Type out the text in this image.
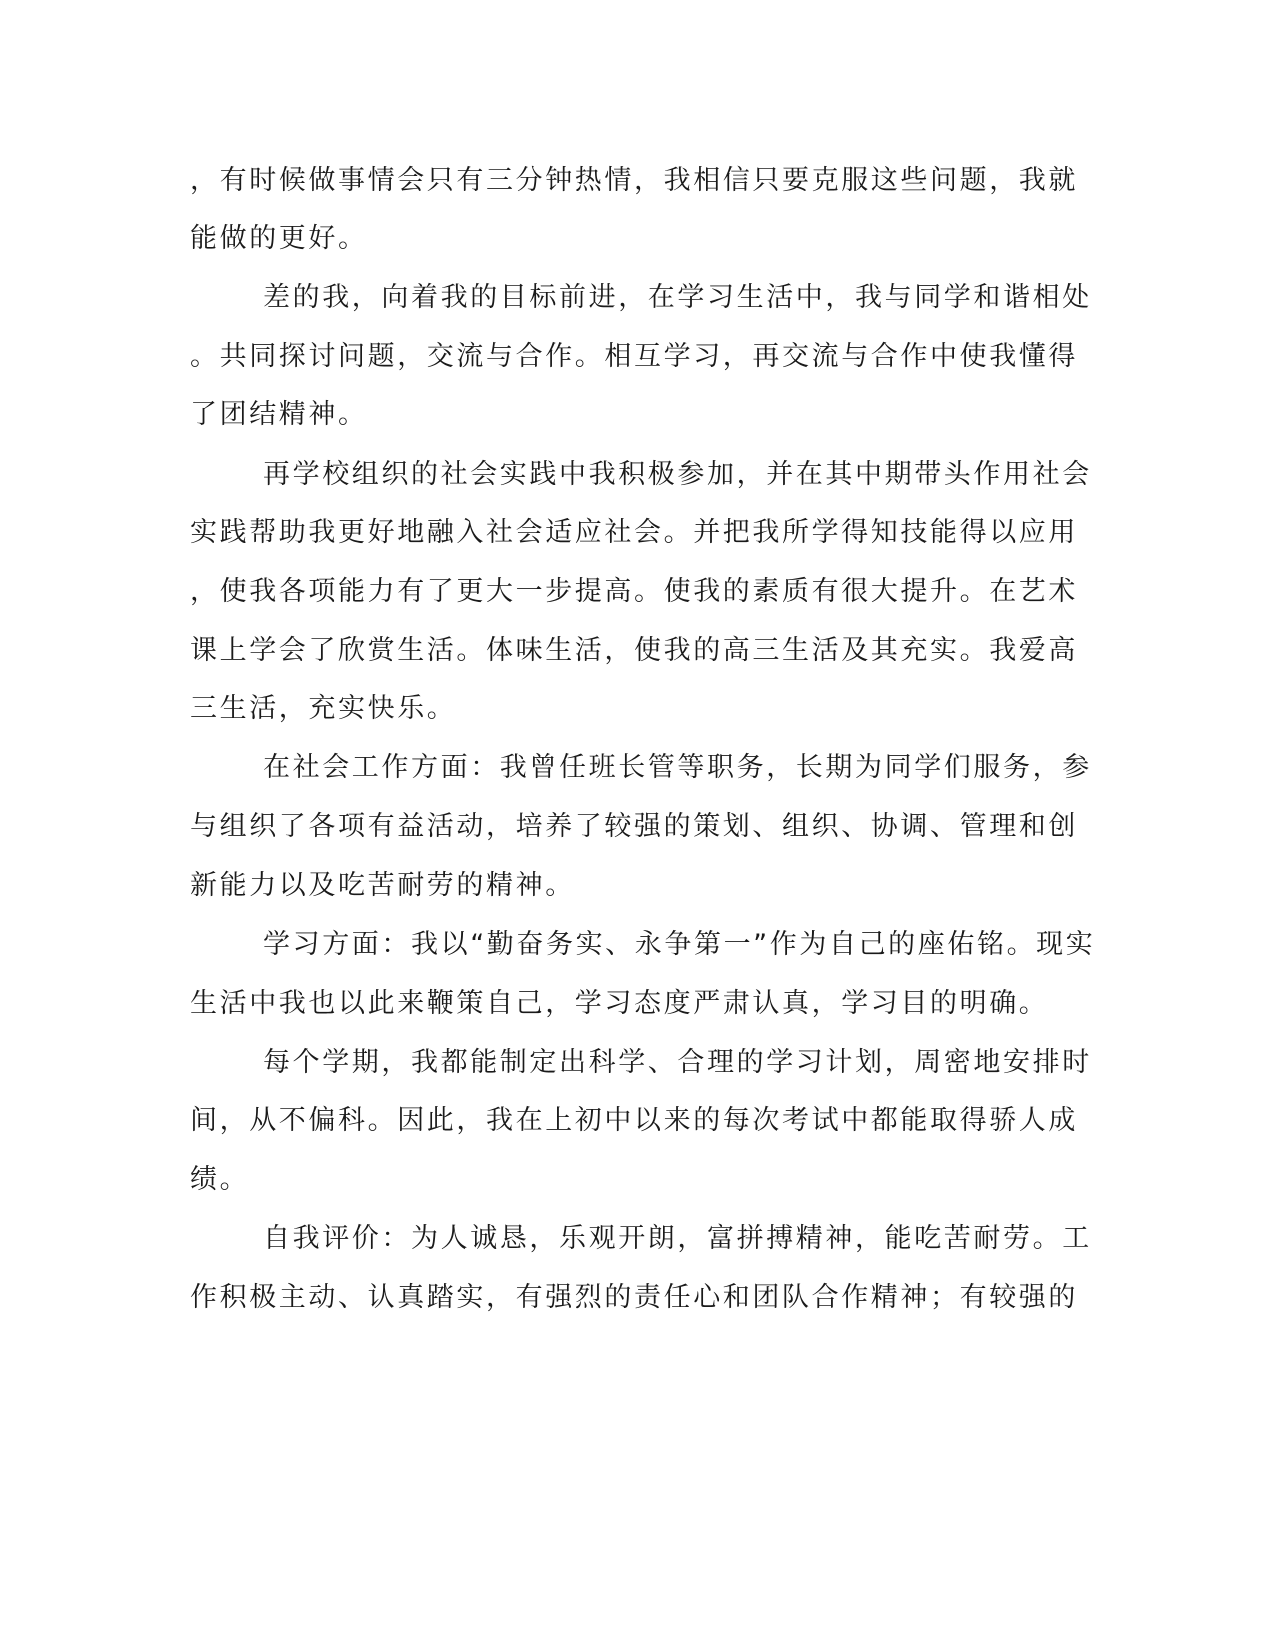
，有时候做事情会只有三分钟热情，我相信只要克服这些问题，我就
能做的更好。
差的我，向着我的目标前进，在学习生活中，我与同学和谐相处
。共同探讨问题，交流与合作。相互学习，再交流与合作中使我懂得
了团结精神。
再学校组织的社会实践中我积极参加，并在其中期带头作用社会
实践帮助我更好地融入社会适应社会。并把我所学得知技能得以应用
，使我各项能力有了更大一步提高。使我的素质有很大提升。在艺术
课上学会了欣赏生活。体味生活，使我的高三生活及其充实。我爱高
三生活，充实快乐。
在社会工作方面：我曾任班长管等职务，长期为同学们服务，参
与组织了各项有益活动，培养了较强的策划、组织、协调、管理和创
新能力以及吃苦耐劳的精神。
学习方面：我以“勤奋务实、永争第一”作为自己的座佑铭。现实
生活中我也以此来鞭策自己，学习态度严肃认真，学习目的明确。
每个学期，我都能制定出科学、合理的学习计划，周密地安排时
间，从不偏科。因此，我在上初中以来的每次考试中都能取得骄人成
绩。
自我评价：为人诚恳，乐观开朗，富拼搏精神，能吃苦耐劳。工
作积极主动、认真踏实，有强烈的责任心和团队合作精神；有较强的
